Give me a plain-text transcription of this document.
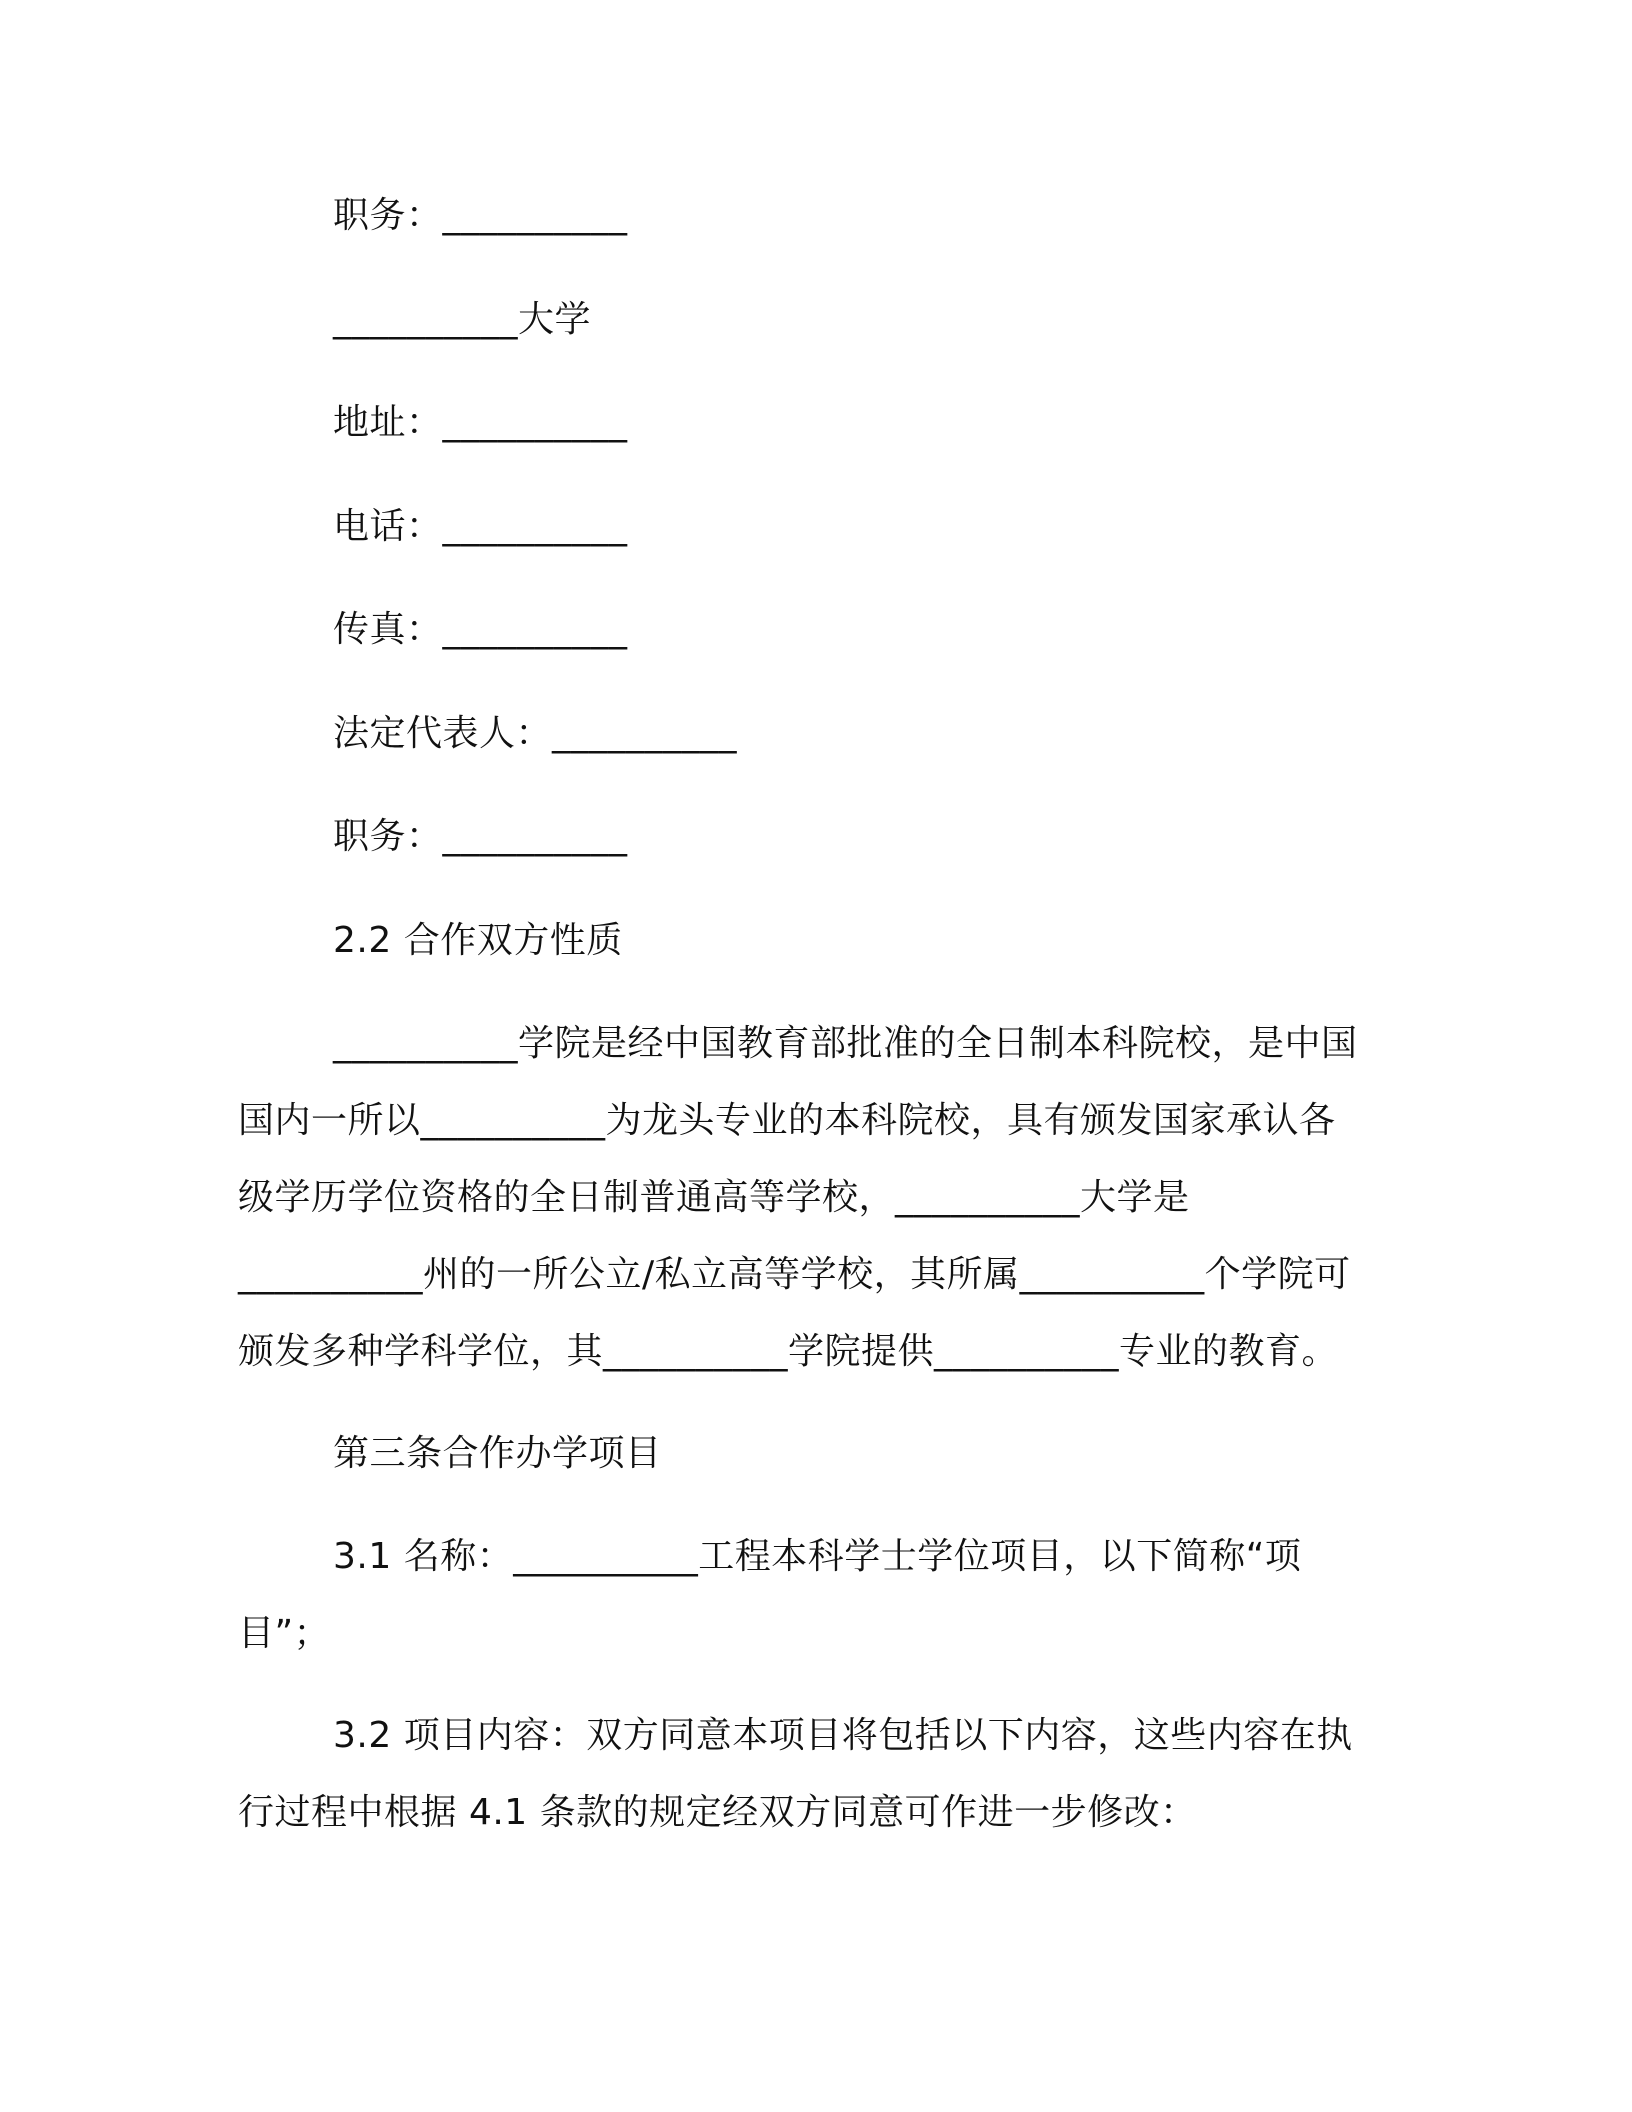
职务：__________
__________大学
地址：__________
电话：__________
传真：__________
法定代表人：__________
职务：__________
2.2 合作双方性质
__________学院是经中国教育部批准的全日制本科院校，是中国
国内一所以__________为龙头专业的本科院校，具有颁发国家承认各
级学历学位资格的全日制普通高等学校，__________大学是
__________州的一所公立/私立高等学校，其所属__________个学院可
颁发多种学科学位，其__________学院提供__________专业的教育。
第三条合作办学项目
3.1 名称：__________工程本科学士学位项目，以下简称“项
目”；
3.2 项目内容：双方同意本项目将包括以下内容，这些内容在执
行过程中根据 4.1 条款的规定经双方同意可作进一步修改：
